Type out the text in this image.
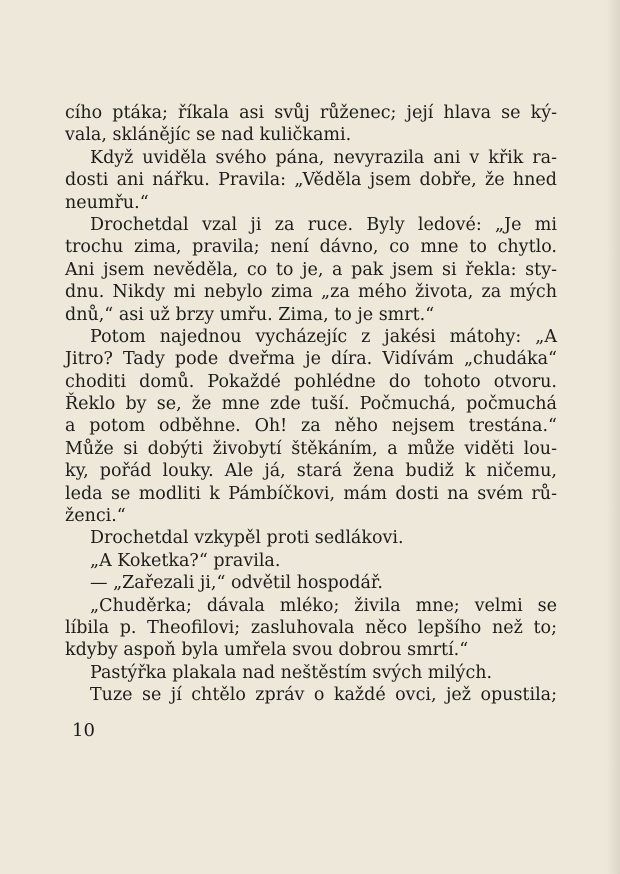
cího ptáka; říkala asi svůj růženec; její hlava se ký-
vala, sklánějíc se nad kuličkami.
Když uviděla svého pána, nevyrazila ani v křik ra-
dosti ani nářku. Pravila: „Věděla jsem dobře, že hned
neumřu.“
Drochetdal vzal ji za ruce. Byly ledové: „Je mi
trochu zima, pravila; není dávno, co mne to chytlo.
Ani jsem nevěděla, co to je, a pak jsem si řekla: sty-
dnu. Nikdy mi nebylo zima „za mého života, za mých
dnů,“ asi už brzy umřu. Zima, to je smrt.“
Potom najednou vycházejíc z jakési mátohy: „A
Jitro? Tady pode dveřma je díra. Vidívám „chudáka“
choditi domů. Pokaždé pohlédne do tohoto otvoru.
Řeklo by se, že mne zde tuší. Počmuchá, počmuchá
a potom odběhne. Oh! za něho nejsem trestána.“
Může si dobýti živobytí štěkáním, a může viděti lou-
ky, pořád louky. Ale já, stará žena budiž k ničemu,
leda se modliti k Pámbíčkovi, mám dosti na svém rů-
ženci.“
Drochetdal vzkypěl proti sedlákovi.
„A Koketka?“ pravila.
— „Zařezali ji,“ odvětil hospodář.
„Chuděrka; dávala mléko; živila mne; velmi se
líbila p. Theofilovi; zasluhovala něco lepšího než to;
kdyby aspoň byla umřela svou dobrou smrtí.“
Pastýřka plakala nad neštěstím svých milých.
Tuze se jí chtělo zpráv o každé ovci, jež opustila;
10
